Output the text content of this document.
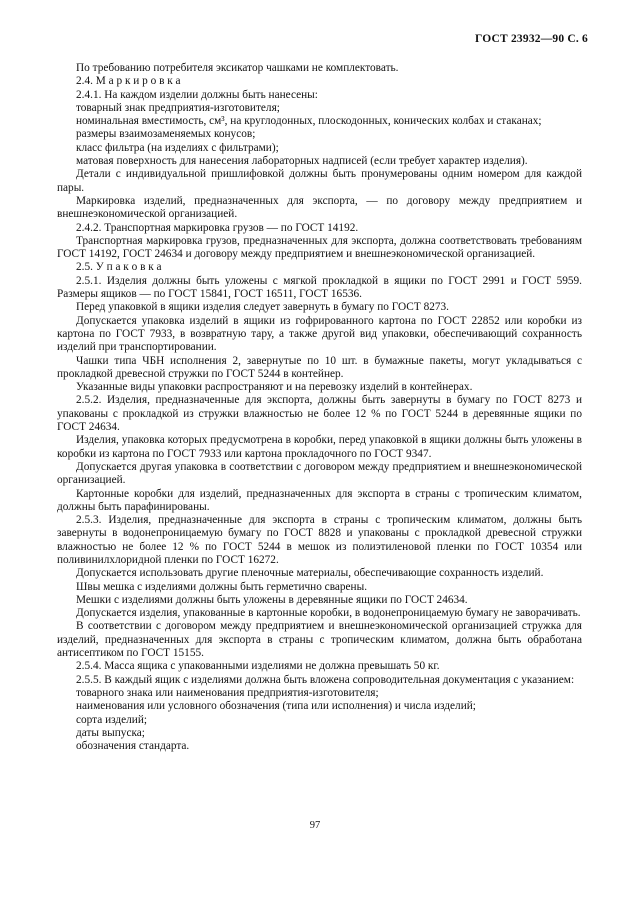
ГОСТ 23932—90 С. 6

По требованию потребителя эксикатор чашками не комплектовать.

2.4. М а р к и р о в к а

2.4.1. На каждом изделии должны быть нанесены:

товарный знак предприятия-изготовителя;

номинальная вместимость, см³, на круглодонных, плоскодонных, конических колбах и стаканах;

размеры взаимозаменяемых конусов;

класс фильтра (на изделиях с фильтрами);

матовая поверхность для нанесения лабораторных надписей (если требует характер изделия).

Детали с индивидуальной пришлифовкой должны быть пронумерованы одним номером для каждой пары.

Маркировка изделий, предназначенных для экспорта, — по договору между предприятием и внешнеэкономической организацией.

2.4.2. Транспортная маркировка грузов — по ГОСТ 14192.

Транспортная маркировка грузов, предназначенных для экспорта, должна соответствовать требованиям ГОСТ 14192, ГОСТ 24634 и договору между предприятием и внешнеэкономической организацией.

2.5. У п а к о в к а

2.5.1. Изделия должны быть уложены с мягкой прокладкой в ящики по ГОСТ 2991 и ГОСТ 5959. Размеры ящиков — по ГОСТ 15841, ГОСТ 16511, ГОСТ 16536.

Перед упаковкой в ящики изделия следует завернуть в бумагу по ГОСТ 8273.

Допускается упаковка изделий в ящики из гофрированного картона по ГОСТ 22852 или коробки из картона по ГОСТ 7933, в возвратную тару, а также другой вид упаковки, обеспечивающий сохранность изделий при транспортировании.

Чашки типа ЧБН исполнения 2, завернутые по 10 шт. в бумажные пакеты, могут укладываться с прокладкой древесной стружки по ГОСТ 5244 в контейнер.

Указанные виды упаковки распространяют и на перевозку изделий в контейнерах.

2.5.2. Изделия, предназначенные для экспорта, должны быть завернуты в бумагу по ГОСТ 8273 и упакованы с прокладкой из стружки влажностью не более 12 % по ГОСТ 5244 в деревянные ящики по ГОСТ 24634.

Изделия, упаковка которых предусмотрена в коробки, перед упаковкой в ящики должны быть уложены в коробки из картона по ГОСТ 7933 или картона прокладочного по ГОСТ 9347.

Допускается другая упаковка в соответствии с договором между предприятием и внешнеэкономической организацией.

Картонные коробки для изделий, предназначенных для экспорта в страны с тропическим климатом, должны быть парафинированы.

2.5.3. Изделия, предназначенные для экспорта в страны с тропическим климатом, должны быть завернуты в водонепроницаемую бумагу по ГОСТ 8828 и упакованы с прокладкой древесной стружки влажностью не более 12 % по ГОСТ 5244 в мешок из полиэтиленовой пленки по ГОСТ 10354 или поливинилхлоридной пленки по ГОСТ 16272.

Допускается использовать другие пленочные материалы, обеспечивающие сохранность изделий.

Швы мешка с изделиями должны быть герметично сварены.

Мешки с изделиями должны быть уложены в деревянные ящики по ГОСТ 24634.

Допускается изделия, упакованные в картонные коробки, в водонепроницаемую бумагу не заворачивать.

В соответствии с договором между предприятием и внешнеэкономической организацией стружка для изделий, предназначенных для экспорта в страны с тропическим климатом, должна быть обработана антисептиком по ГОСТ 15155.

2.5.4. Масса ящика с упакованными изделиями не должна превышать 50 кг.

2.5.5. В каждый ящик с изделиями должна быть вложена сопроводительная документация с указанием:

товарного знака или наименования предприятия-изготовителя;

наименования или условного обозначения (типа или исполнения) и числа изделий;

сорта изделий;

даты выпуска;

обозначения стандарта.

97
